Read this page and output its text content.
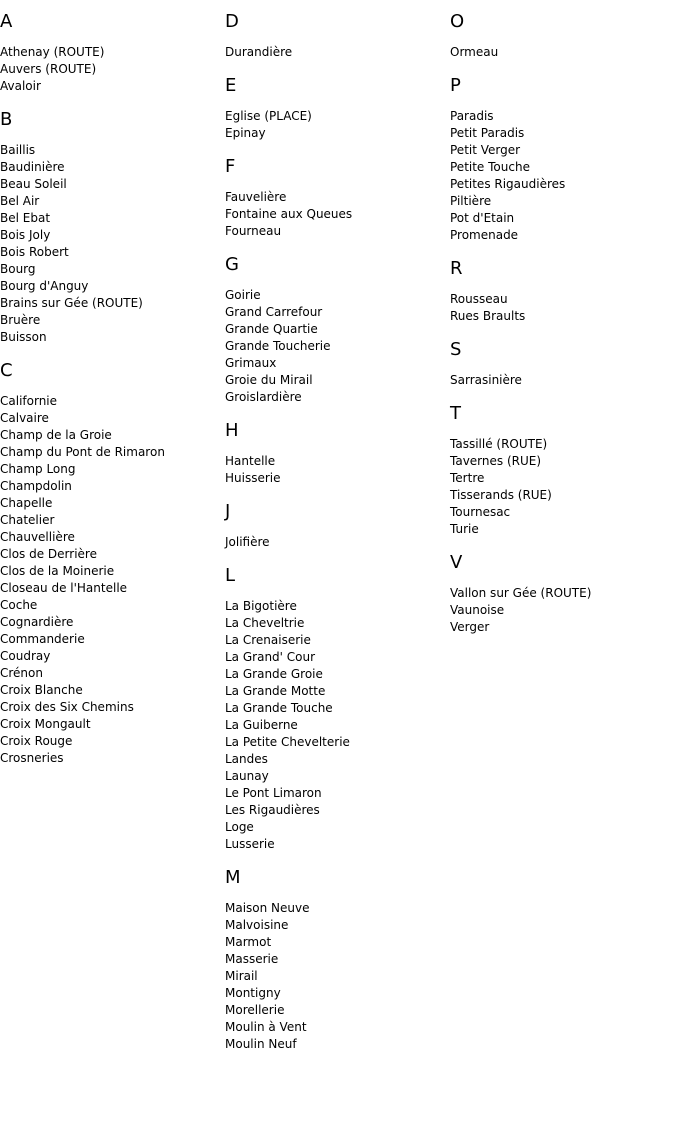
A
Athenay (ROUTE)
Auvers (ROUTE)
Avaloir
B
Baillis
Baudinière
Beau Soleil
Bel Air
Bel Ebat
Bois Joly
Bois Robert
Bourg
Bourg d'Anguy
Brains sur Gée (ROUTE)
Bruère
Buisson
C
Californie
Calvaire
Champ de la Groie
Champ du Pont de Rimaron
Champ Long
Champdolin
Chapelle
Chatelier
Chauvellière
Clos de Derrière
Clos de la Moinerie
Closeau de l'Hantelle
Coche
Cognardière
Commanderie
Coudray
Crénon
Croix Blanche
Croix des Six Chemins
Croix Mongault
Croix Rouge
Crosneries
D
Durandière
E
Eglise (PLACE)
Epinay
F
Fauvelière
Fontaine aux Queues
Fourneau
G
Goirie
Grand Carrefour
Grande Quartie
Grande Toucherie
Grimaux
Groie du Mirail
Groislardière
H
Hantelle
Huisserie
J
Jolifière
L
La Bigotière
La Cheveltrie
La Crenaiserie
La Grand' Cour
La Grande Groie
La Grande Motte
La Grande Touche
La Guiberne
La Petite Chevelterie
Landes
Launay
Le Pont Limaron
Les Rigaudières
Loge
Lusserie
M
Maison Neuve
Malvoisine
Marmot
Masserie
Mirail
Montigny
Morellerie
Moulin à Vent
Moulin Neuf
O
Ormeau
P
Paradis
Petit Paradis
Petit Verger
Petite Touche
Petites Rigaudières
Piltière
Pot d'Etain
Promenade
R
Rousseau
Rues Braults
S
Sarrasinière
T
Tassillé (ROUTE)
Tavernes (RUE)
Tertre
Tisserands (RUE)
Tournesac
Turie
V
Vallon sur Gée (ROUTE)
Vaunoise
Verger
